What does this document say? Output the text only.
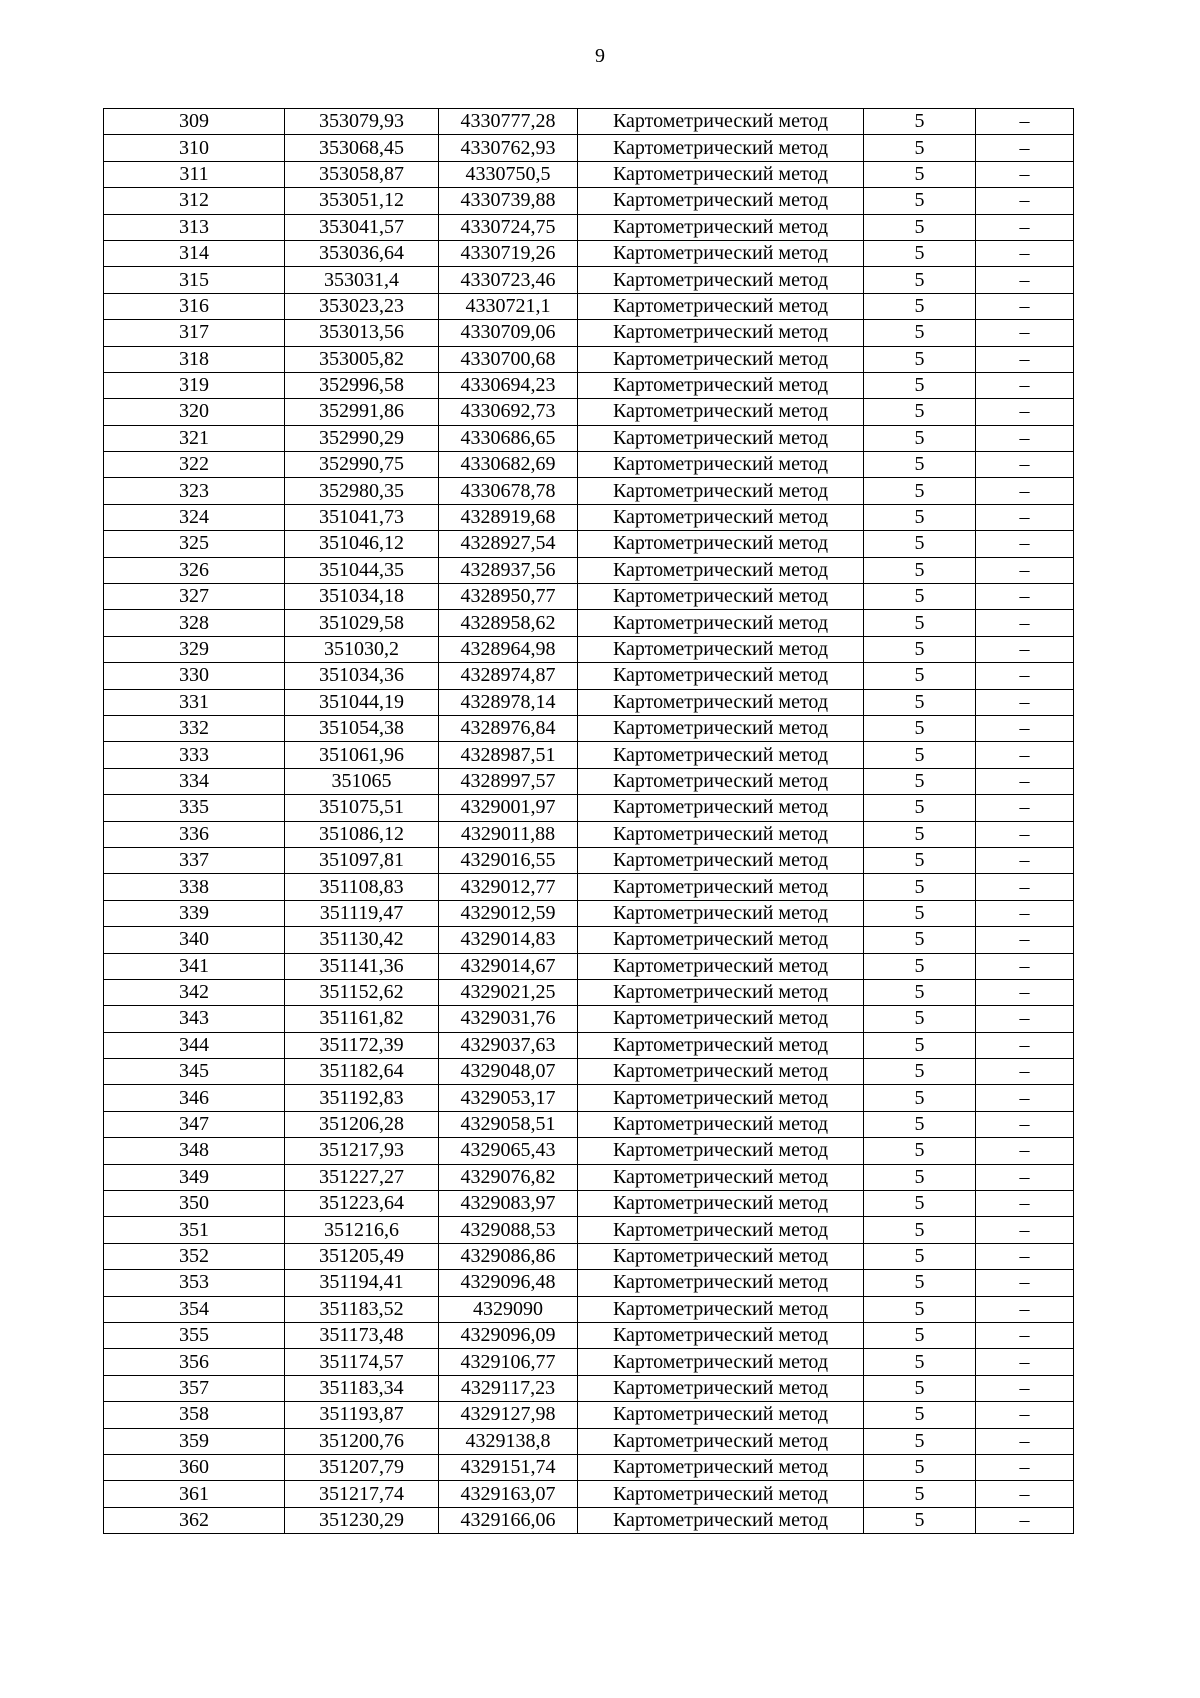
9
309	353079,93	4330777,28	Картометрический метод	5	–
310	353068,45	4330762,93	Картометрический метод	5	–
311	353058,87	4330750,5	Картометрический метод	5	–
312	353051,12	4330739,88	Картометрический метод	5	–
313	353041,57	4330724,75	Картометрический метод	5	–
314	353036,64	4330719,26	Картометрический метод	5	–
315	353031,4	4330723,46	Картометрический метод	5	–
316	353023,23	4330721,1	Картометрический метод	5	–
317	353013,56	4330709,06	Картометрический метод	5	–
318	353005,82	4330700,68	Картометрический метод	5	–
319	352996,58	4330694,23	Картометрический метод	5	–
320	352991,86	4330692,73	Картометрический метод	5	–
321	352990,29	4330686,65	Картометрический метод	5	–
322	352990,75	4330682,69	Картометрический метод	5	–
323	352980,35	4330678,78	Картометрический метод	5	–
324	351041,73	4328919,68	Картометрический метод	5	–
325	351046,12	4328927,54	Картометрический метод	5	–
326	351044,35	4328937,56	Картометрический метод	5	–
327	351034,18	4328950,77	Картометрический метод	5	–
328	351029,58	4328958,62	Картометрический метод	5	–
329	351030,2	4328964,98	Картометрический метод	5	–
330	351034,36	4328974,87	Картометрический метод	5	–
331	351044,19	4328978,14	Картометрический метод	5	–
332	351054,38	4328976,84	Картометрический метод	5	–
333	351061,96	4328987,51	Картометрический метод	5	–
334	351065	4328997,57	Картометрический метод	5	–
335	351075,51	4329001,97	Картометрический метод	5	–
336	351086,12	4329011,88	Картометрический метод	5	–
337	351097,81	4329016,55	Картометрический метод	5	–
338	351108,83	4329012,77	Картометрический метод	5	–
339	351119,47	4329012,59	Картометрический метод	5	–
340	351130,42	4329014,83	Картометрический метод	5	–
341	351141,36	4329014,67	Картометрический метод	5	–
342	351152,62	4329021,25	Картометрический метод	5	–
343	351161,82	4329031,76	Картометрический метод	5	–
344	351172,39	4329037,63	Картометрический метод	5	–
345	351182,64	4329048,07	Картометрический метод	5	–
346	351192,83	4329053,17	Картометрический метод	5	–
347	351206,28	4329058,51	Картометрический метод	5	–
348	351217,93	4329065,43	Картометрический метод	5	–
349	351227,27	4329076,82	Картометрический метод	5	–
350	351223,64	4329083,97	Картометрический метод	5	–
351	351216,6	4329088,53	Картометрический метод	5	–
352	351205,49	4329086,86	Картометрический метод	5	–
353	351194,41	4329096,48	Картометрический метод	5	–
354	351183,52	4329090	Картометрический метод	5	–
355	351173,48	4329096,09	Картометрический метод	5	–
356	351174,57	4329106,77	Картометрический метод	5	–
357	351183,34	4329117,23	Картометрический метод	5	–
358	351193,87	4329127,98	Картометрический метод	5	–
359	351200,76	4329138,8	Картометрический метод	5	–
360	351207,79	4329151,74	Картометрический метод	5	–
361	351217,74	4329163,07	Картометрический метод	5	–
362	351230,29	4329166,06	Картометрический метод	5	–
